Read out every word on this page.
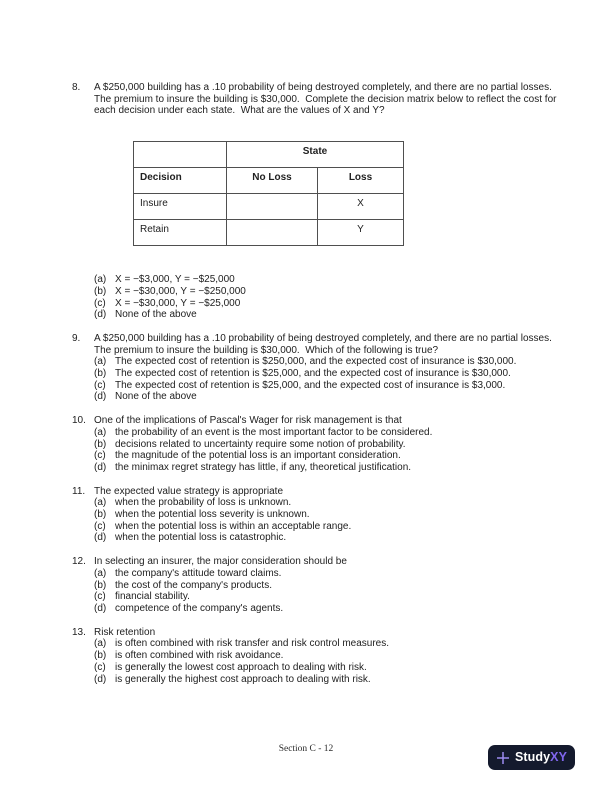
8.	A $250,000 building has a .10 probability of being destroyed completely, and there are no partial losses.  The premium to insure the building is $30,000.  Complete the decision matrix below to reflect the cost for each decision under each state.  What are the values of X and Y?
	State	
Decision	No Loss	Loss
Insure		X
Retain		Y
(a) X = −$3,000, Y = −$25,000
(b) X = −$30,000, Y = −$250,000
(c) X = −$30,000, Y = −$25,000
(d) None of the above
9.	A $250,000 building has a .10 probability of being destroyed completely, and there are no partial losses.  The premium to insure the building is $30,000.  Which of the following is true?
(a) The expected cost of retention is $250,000, and the expected cost of insurance is $30,000.
(b) The expected cost of retention is $25,000, and the expected cost of insurance is $30,000.
(c) The expected cost of retention is $25,000, and the expected cost of insurance is $3,000.
(d) None of the above
10. One of the implications of Pascal's Wager for risk management is that
(a) the probability of an event is the most important factor to be considered.
(b) decisions related to uncertainty require some notion of probability.
(c) the magnitude of the potential loss is an important consideration.
(d) the minimax regret strategy has little, if any, theoretical justification.
11. The expected value strategy is appropriate
(a) when the probability of loss is unknown.
(b) when the potential loss severity is unknown.
(c) when the potential loss is within an acceptable range.
(d) when the potential loss is catastrophic.
12. In selecting an insurer, the major consideration should be
(a) the company's attitude toward claims.
(b) the cost of the company's products.
(c) financial stability.
(d) competence of the company's agents.
13. Risk retention
(a) is often combined with risk transfer and risk control measures.
(b) is often combined with risk avoidance.
(c) is generally the lowest cost approach to dealing with risk.
(d) is generally the highest cost approach to dealing with risk.
Section C - 12
StudyXY
